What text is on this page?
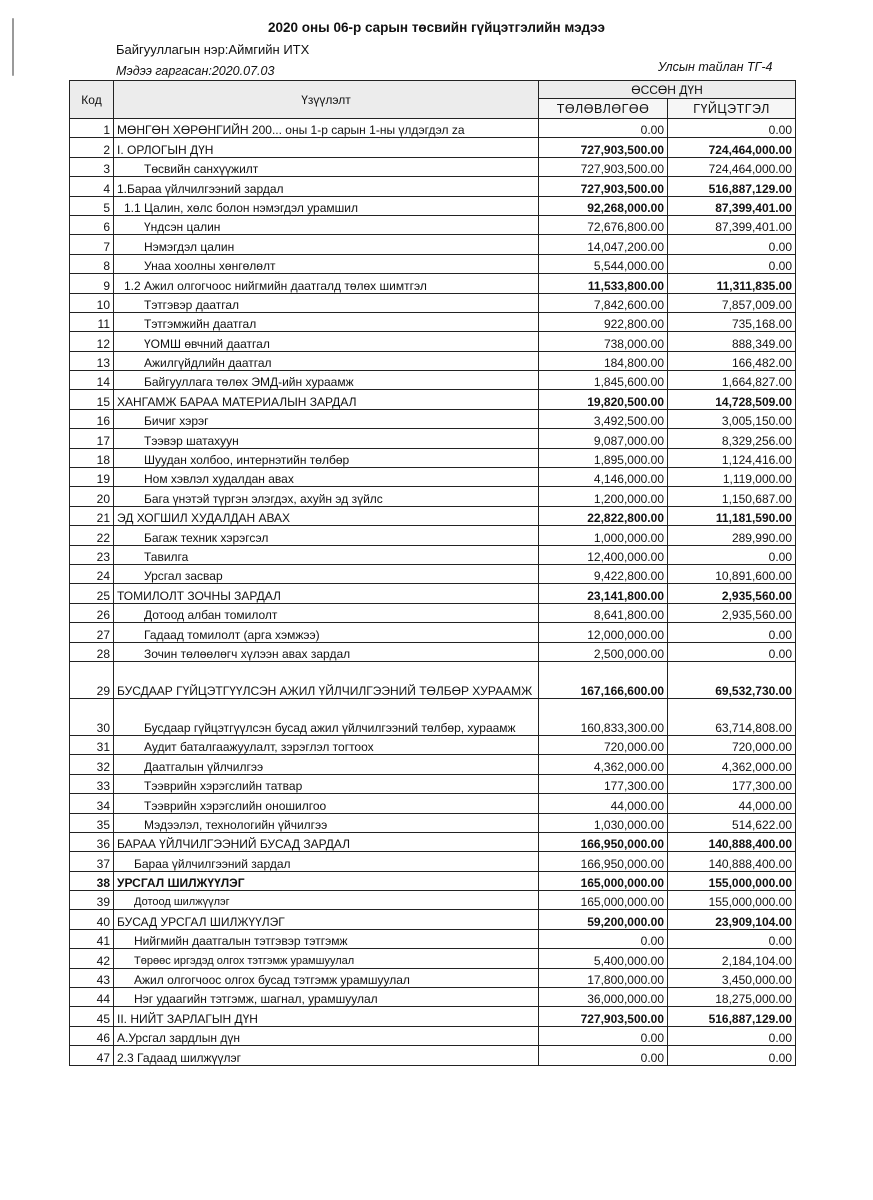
2020 оны 06-р сарын төсвийн гүйцэтгэлийн мэдээ
Байгууллагын нэр:Аймгийн ИТХ
Мэдээ гаргасан:2020.07.03	Улсын тайлан ТГ-4
Код	Үзүүлэлт	ӨССӨН ДҮН	
		ТӨЛӨВЛӨГӨӨ	ГҮЙЦЭТГЭЛ
1	МӨНГӨН ХӨРӨНГИЙН 200... оны 1-р сарын 1-ны үлдэгдэл za	0.00	0.00
2	I. ОРЛОГЫН ДҮН	727,903,500.00	724,464,000.00
3	Төсвийн санхүүжилт	727,903,500.00	724,464,000.00
4	1.Бараа үйлчилгээний зардал	727,903,500.00	516,887,129.00
5	1.1 Цалин, хөлс болон нэмэгдэл урамшил	92,268,000.00	87,399,401.00
6	Үндсэн цалин	72,676,800.00	87,399,401.00
7	Нэмэгдэл цалин	14,047,200.00	0.00
8	Унаа хоолны хөнгөлөлт	5,544,000.00	0.00
9	1.2 Ажил олгогчоос нийгмийн даатгалд төлөх шимтгэл	11,533,800.00	11,311,835.00
10	Тэтгэвэр даатгал	7,842,600.00	7,857,009.00
11	Тэтгэмжийн даатгал	922,800.00	735,168.00
12	ҮОМШ өвчний даатгал	738,000.00	888,349.00
13	Ажилгүйдлийн даатгал	184,800.00	166,482.00
14	Байгууллага төлөх ЭМД-ийн хураамж	1,845,600.00	1,664,827.00
15	ХАНГАМЖ БАРАА МАТЕРИАЛЫН ЗАРДАЛ	19,820,500.00	14,728,509.00
16	Бичиг хэрэг	3,492,500.00	3,005,150.00
17	Тээвэр шатахуун	9,087,000.00	8,329,256.00
18	Шуудан холбоо, интернэтийн төлбөр	1,895,000.00	1,124,416.00
19	Ном хэвлэл худалдан авах	4,146,000.00	1,119,000.00
20	Бага үнэтэй түргэн элэгдэх, ахуйн эд зүйлс	1,200,000.00	1,150,687.00
21	ЭД ХОГШИЛ ХУДАЛДАН АВАХ	22,822,800.00	11,181,590.00
22	Багаж техник хэрэгсэл	1,000,000.00	289,990.00
23	Тавилга	12,400,000.00	0.00
24	Урсгал засвар	9,422,800.00	10,891,600.00
25	ТОМИЛОЛТ ЗОЧНЫ ЗАРДАЛ	23,141,800.00	2,935,560.00
26	Дотоод албан томилолт	8,641,800.00	2,935,560.00
27	Гадаад томилолт (арга хэмжээ)	12,000,000.00	0.00
28	Зочин төлөөлөгч хүлээн авах зардал	2,500,000.00	0.00
29	БУСДААР ГҮЙЦЭТГҮҮЛСЭН АЖИЛ ҮЙЛЧИЛГЭЭНИЙ ТӨЛБӨР ХУРААМЖ	167,166,600.00	69,532,730.00
30	Бусдаар гүйцэтгүүлсэн бусад ажил үйлчилгээний төлбөр, хураамж	160,833,300.00	63,714,808.00
31	Аудит баталгаажуулалт, зэрэглэл тогтоох	720,000.00	720,000.00
32	Даатгалын үйлчилгээ	4,362,000.00	4,362,000.00
33	Тээврийн хэрэгслийн татвар	177,300.00	177,300.00
34	Тээврийн хэрэгслийн оношилгоо	44,000.00	44,000.00
35	Мэдээлэл, технологийн үйчилгээ	1,030,000.00	514,622.00
36	БАРАА ҮЙЛЧИЛГЭЭНИЙ БУСАД ЗАРДАЛ	166,950,000.00	140,888,400.00
37	Бараа үйлчилгээний зардал	166,950,000.00	140,888,400.00
38	УРСГАЛ ШИЛЖҮҮЛЭГ	165,000,000.00	155,000,000.00
39	Дотоод шилжүүлэг	165,000,000.00	155,000,000.00
40	БУСАД УРСГАЛ ШИЛЖҮҮЛЭГ	59,200,000.00	23,909,104.00
41	Нийгмийн даатгалын тэтгэвэр тэтгэмж	0.00	0.00
42	Төрөөс иргэдэд олгох тэтгэмж урамшуулал	5,400,000.00	2,184,104.00
43	Ажил олгогчоос олгох бусад тэтгэмж урамшуулал	17,800,000.00	3,450,000.00
44	Нэг удаагийн тэтгэмж, шагнал, урамшуулал	36,000,000.00	18,275,000.00
45	II. НИЙТ ЗАРЛАГЫН ДҮН	727,903,500.00	516,887,129.00
46	А.Урсгал зардлын дүн	0.00	0.00
47	2.3 Гадаад шилжүүлэг	0.00	0.00
